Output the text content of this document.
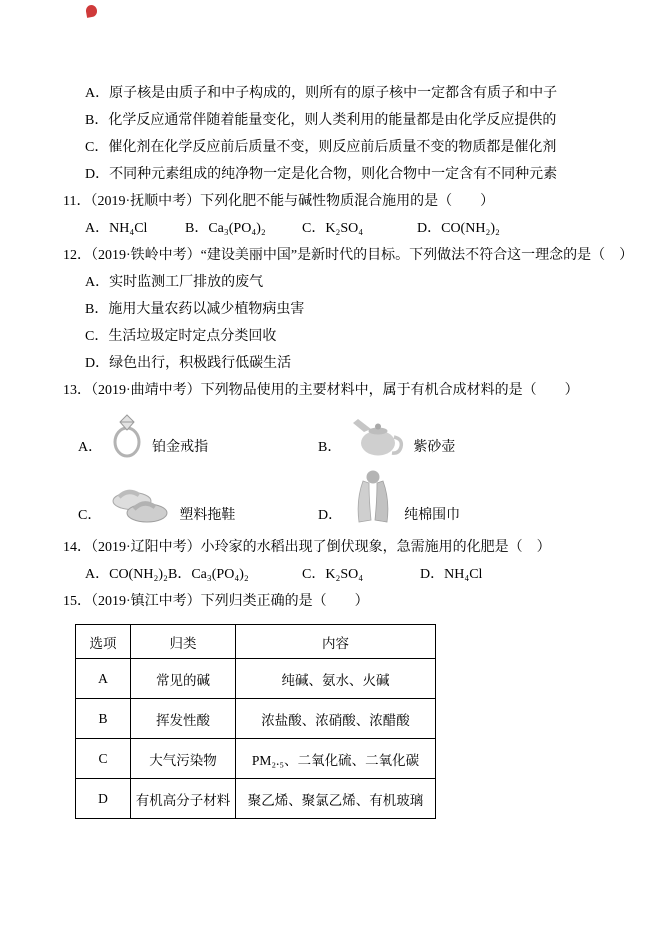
A．原子核是由质子和中子构成的，则所有的原子核中一定都含有质子和中子
B．化学反应通常伴随着能量变化，则人类利用的能量都是由化学反应提供的
C．催化剂在化学反应前后质量不变，则反应前后质量不变的物质都是催化剂
D．不同种元素组成的纯净物一定是化合物，则化合物中一定含有不同种元素
11．（2019·抚顺中考）下列化肥不能与碱性物质混合施用的是（　　）
A．NH₄Cl	B．Ca₃(PO₄)₂	C．K₂SO₄	D．CO(NH₂)₂
12．（2019·铁岭中考）“建设美丽中国”是新时代的目标。下列做法不符合这一理念的是（　）
A．实时监测工厂排放的废气
B．施用大量农药以减少植物病虫害
C．生活垃圾定时定点分类回收
D．绿色出行，积极践行低碳生活
13．（2019·曲靖中考）下列物品使用的主要材料中，属于有机合成材料的是（　　）
A．	铂金戒指	B．	紫砂壶
C．	塑料拖鞋	D．	纯棉围巾
14．（2019·辽阳中考）小玲家的水稻出现了倒伏现象，急需施用的化肥是（　）
A．CO(NH₂)₂ B．Ca₃(PO₄)₂	C．K₂SO₄	D．NH₄Cl
15．（2019·镇江中考）下列归类正确的是（　　）
选项	归类	内容
A	常见的碱	纯碱、氨水、火碱
B	挥发性酸	浓盐酸、浓硝酸、浓醋酸
C	大气污染物	PM₂.₅、二氧化硫、二氧化碳
D	有机高分子材料	聚乙烯、聚氯乙烯、有机玻璃
